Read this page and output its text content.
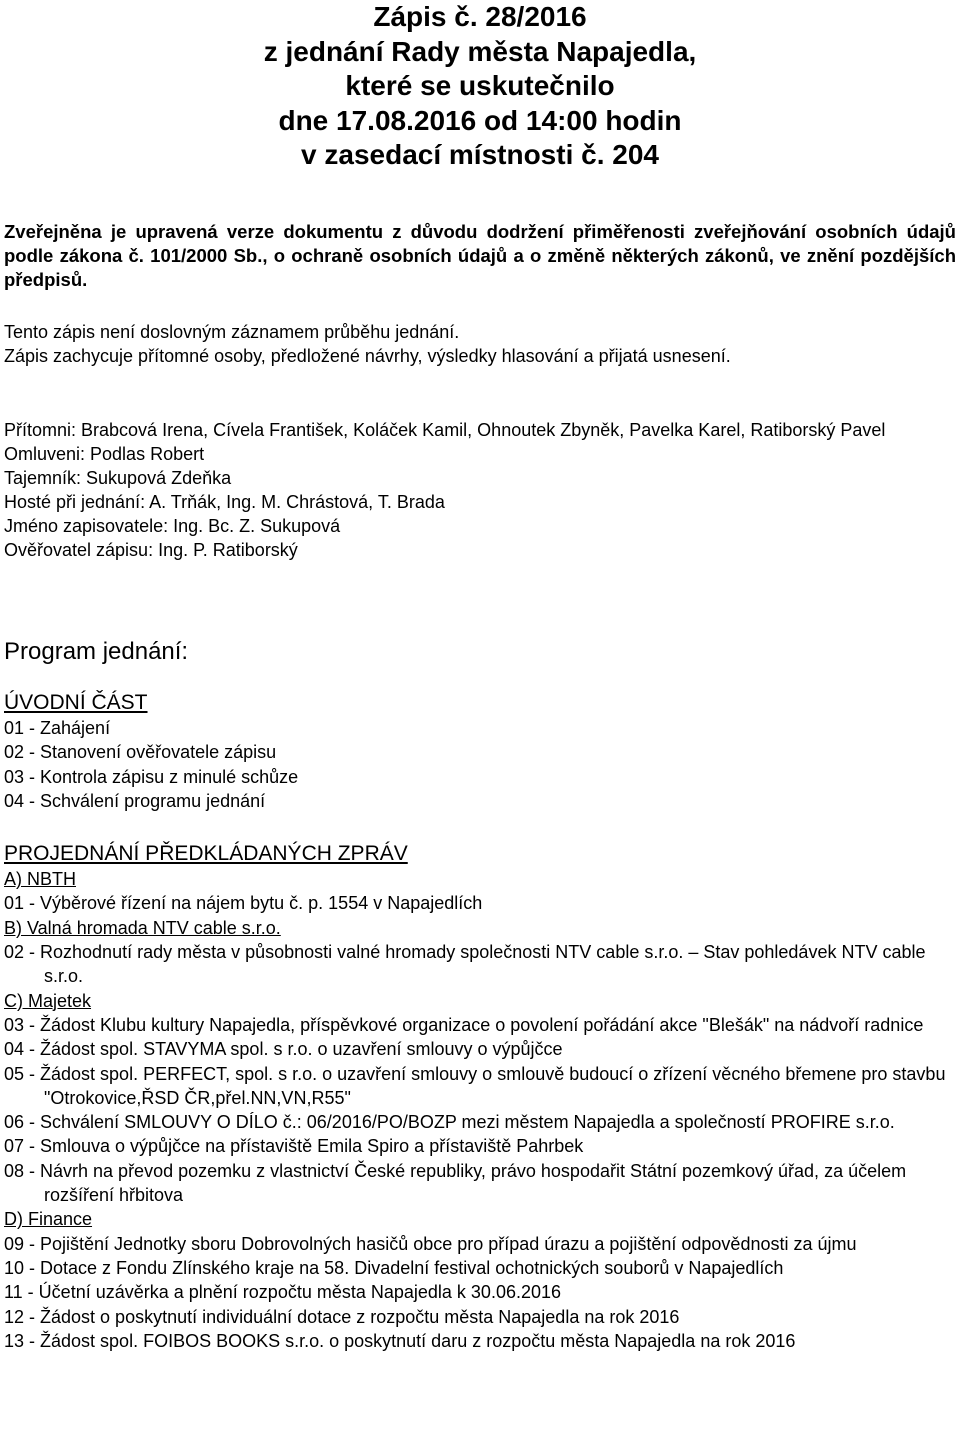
Zápis č. 28/2016
z jednání Rady města Napajedla,
které se uskutečnilo
dne 17.08.2016 od 14:00 hodin
v zasedací místnosti č. 204
Zveřejněna je upravená verze dokumentu z důvodu dodržení přiměřenosti zveřejňování osobních údajů podle zákona č. 101/2000 Sb., o ochraně osobních údajů a o změně některých zákonů, ve znění pozdějších předpisů.
Tento zápis není doslovným záznamem průběhu jednání.
Zápis zachycuje přítomné osoby, předložené návrhy, výsledky hlasování a přijatá usnesení.
Přítomni: Brabcová Irena, Cívela František, Koláček Kamil, Ohnoutek Zbyněk, Pavelka Karel, Ratiborský Pavel
Omluveni: Podlas Robert
Tajemník: Sukupová Zdeňka
Hosté při jednání: A. Trňák, Ing. M. Chrástová, T. Brada
Jméno zapisovatele: Ing. Bc. Z. Sukupová
Ověřovatel zápisu: Ing. P. Ratiborský
Program jednání:
ÚVODNÍ ČÁST
01 - Zahájení
02 - Stanovení ověřovatele zápisu
03 - Kontrola zápisu z minulé schůze
04 - Schválení programu jednání
PROJEDNÁNÍ PŘEDKLÁDANÝCH ZPRÁV
A) NBTH
01 - Výběrové řízení na nájem bytu č. p. 1554 v Napajedlích
B) Valná hromada NTV cable s.r.o.
02 - Rozhodnutí rady města v působnosti valné hromady společnosti NTV cable s.r.o. – Stav pohledávek NTV cable s.r.o.
C) Majetek
03 - Žádost Klubu kultury Napajedla, příspěvkové organizace o povolení pořádání akce "Blešák" na nádvoří radnice
04 - Žádost spol. STAVYMA spol. s r.o. o uzavření smlouvy o výpůjčce
05 - Žádost spol. PERFECT, spol. s r.o. o uzavření smlouvy o smlouvě budoucí o zřízení věcného břemene pro stavbu "Otrokovice,ŘSD ČR,přel.NN,VN,R55"
06 - Schválení SMLOUVY O DÍLO č.: 06/2016/PO/BOZP mezi městem Napajedla a společností PROFIRE s.r.o.
07 - Smlouva o výpůjčce na přístaviště Emila Spiro a přístaviště Pahrbek
08 - Návrh na převod pozemku z vlastnictví České republiky, právo hospodařit Státní pozemkový úřad, za účelem rozšíření hřbitova
D) Finance
09 - Pojištění Jednotky sboru Dobrovolných hasičů obce pro případ úrazu a pojištění odpovědnosti za újmu
10 - Dotace z Fondu Zlínského kraje na 58. Divadelní festival ochotnických souborů v Napajedlích
11 - Účetní uzávěrka a plnění rozpočtu města Napajedla k 30.06.2016
12 - Žádost o poskytnutí individuální dotace z rozpočtu města Napajedla na rok 2016
13 - Žádost spol. FOIBOS BOOKS s.r.o. o poskytnutí daru z rozpočtu města Napajedla na rok 2016
